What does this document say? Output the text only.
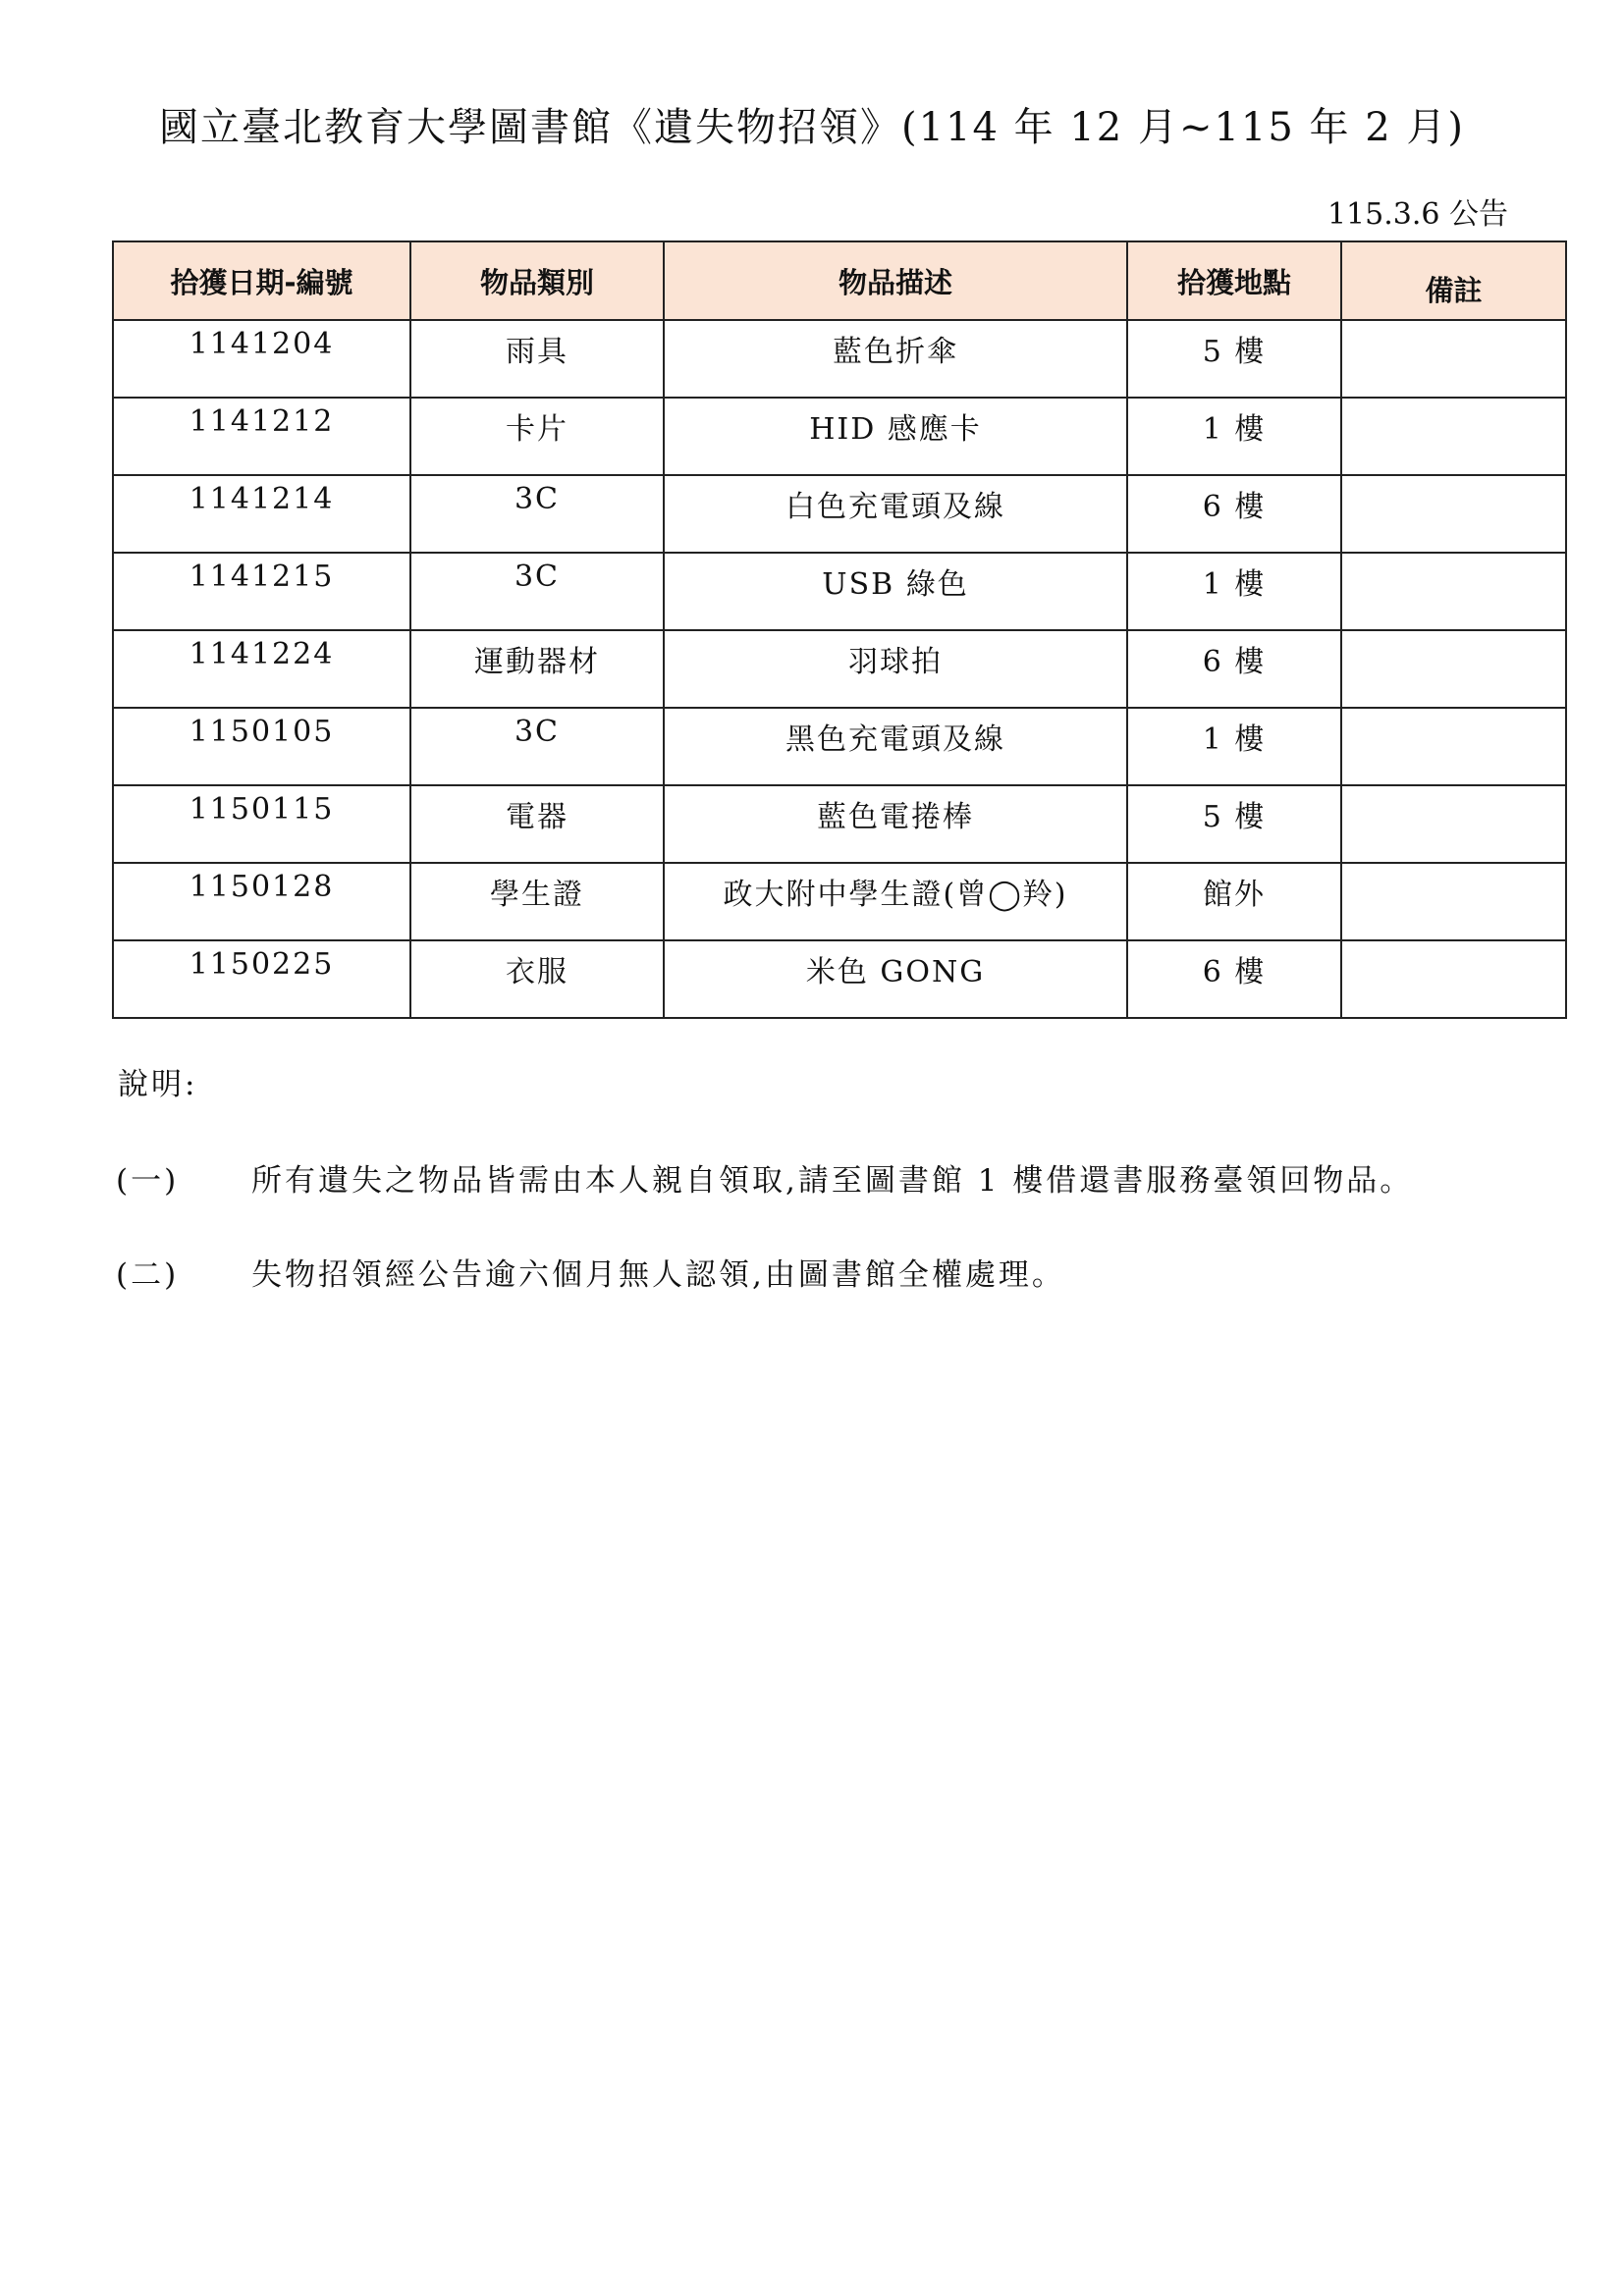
國立臺北教育大學圖書館《遺失物招領》(114 年 12 月~115 年 2 月)
115.3.6 公告
拾獲日期-編號	物品類別	物品描述	拾獲地點	備註
1141204	雨具	藍色折傘	5 樓	
1141212	卡片	HID 感應卡	1 樓	
1141214	3C	白色充電頭及線	6 樓	
1141215	3C	USB 綠色	1 樓	
1141224	運動器材	羽球拍	6 樓	
1150105	3C	黑色充電頭及線	1 樓	
1150115	電器	藍色電捲棒	5 樓	
1150128	學生證	政大附中學生證(曾◯羚)	館外	
1150225	衣服	米色 GONG	6 樓	
說明:
(一) 所有遺失之物品皆需由本人親自領取,請至圖書館 1 樓借還書服務臺領回物品。
(二) 失物招領經公告逾六個月無人認領,由圖書館全權處理。
